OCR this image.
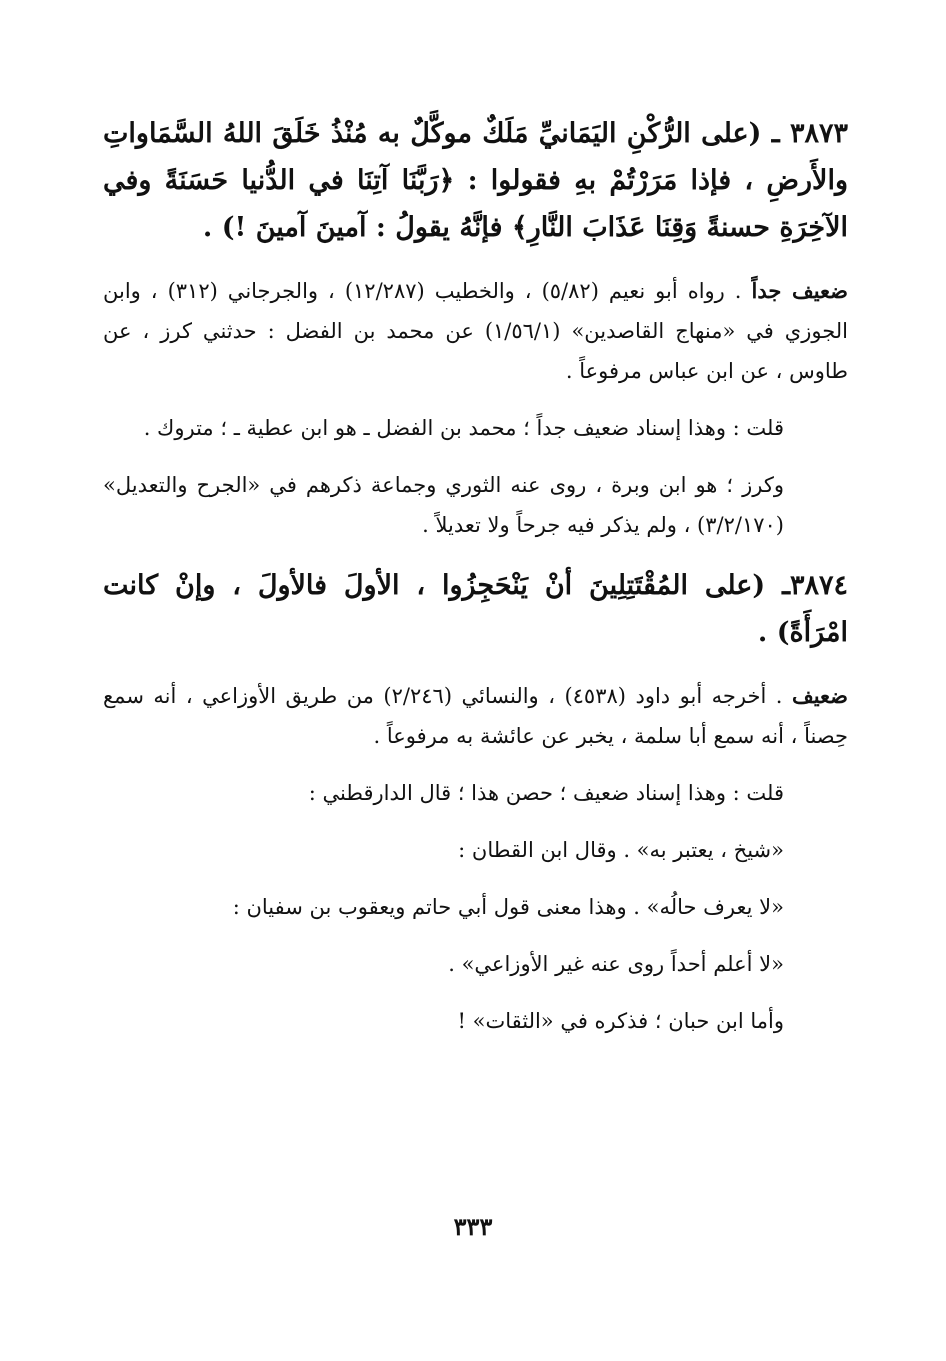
٣٨٧٣ ـ (على الرُّكْنِ اليَمَانيِّ مَلَكٌ موكَّلٌ به مُنْذُ خَلَقَ اللهُ السَّمَاواتِ والأَرضِ ، فإذا مَرَرْتُمْ بهِ فقولوا : ﴿رَبَّنَا آتِنَا في الدُّنيا حَسَنَةً وفي الآخِرَةِ حسنةً وَقِنَا عَذَابَ النَّارِ﴾ فإنَّهُ يقولُ : آمينَ آمينَ !) .

ضعيف جداً . رواه أبو نعيم (٥/٨٢) ، والخطيب (١٢/٢٨٧) ، والجرجاني (٣١٢) ، وابن الجوزي في «منهاج القاصدين» (١/٥٦/١) عن محمد بن الفضل : حدثني كرز ، عن طاوس ، عن ابن عباس مرفوعاً .

قلت : وهذا إسناد ضعيف جداً ؛ محمد بن الفضل ـ هو ابن عطية ـ ؛ متروك .

وكرز ؛ هو ابن وبرة ، روى عنه الثوري وجماعة ذكرهم في «الجرح والتعديل» (٣/٢/١٧٠) ، ولم يذكر فيه جرحاً ولا تعديلاً .

٣٨٧٤ـ (على المُقْتَتِلِينَ أنْ يَنْحَجِزُوا ، الأولَ فالأولَ ، وإنْ كانت امْرَأَةً) .

ضعيف . أخرجه أبو داود (٤٥٣٨) ، والنسائي (٢/٢٤٦) من طريق الأوزاعي ، أنه سمع حِصناً ، أنه سمع أبا سلمة ، يخبر عن عائشة به مرفوعاً .

قلت : وهذا إسناد ضعيف ؛ حصن هذا ؛ قال الدارقطني :

«شيخ ، يعتبر به» . وقال ابن القطان :

«لا يعرف حالُه» . وهذا معنى قول أبي حاتم ويعقوب بن سفيان :

«لا أعلم أحداً روى عنه غير الأوزاعي» .

وأما ابن حبان ؛ فذكره في «الثقات» !

٣٣٣
